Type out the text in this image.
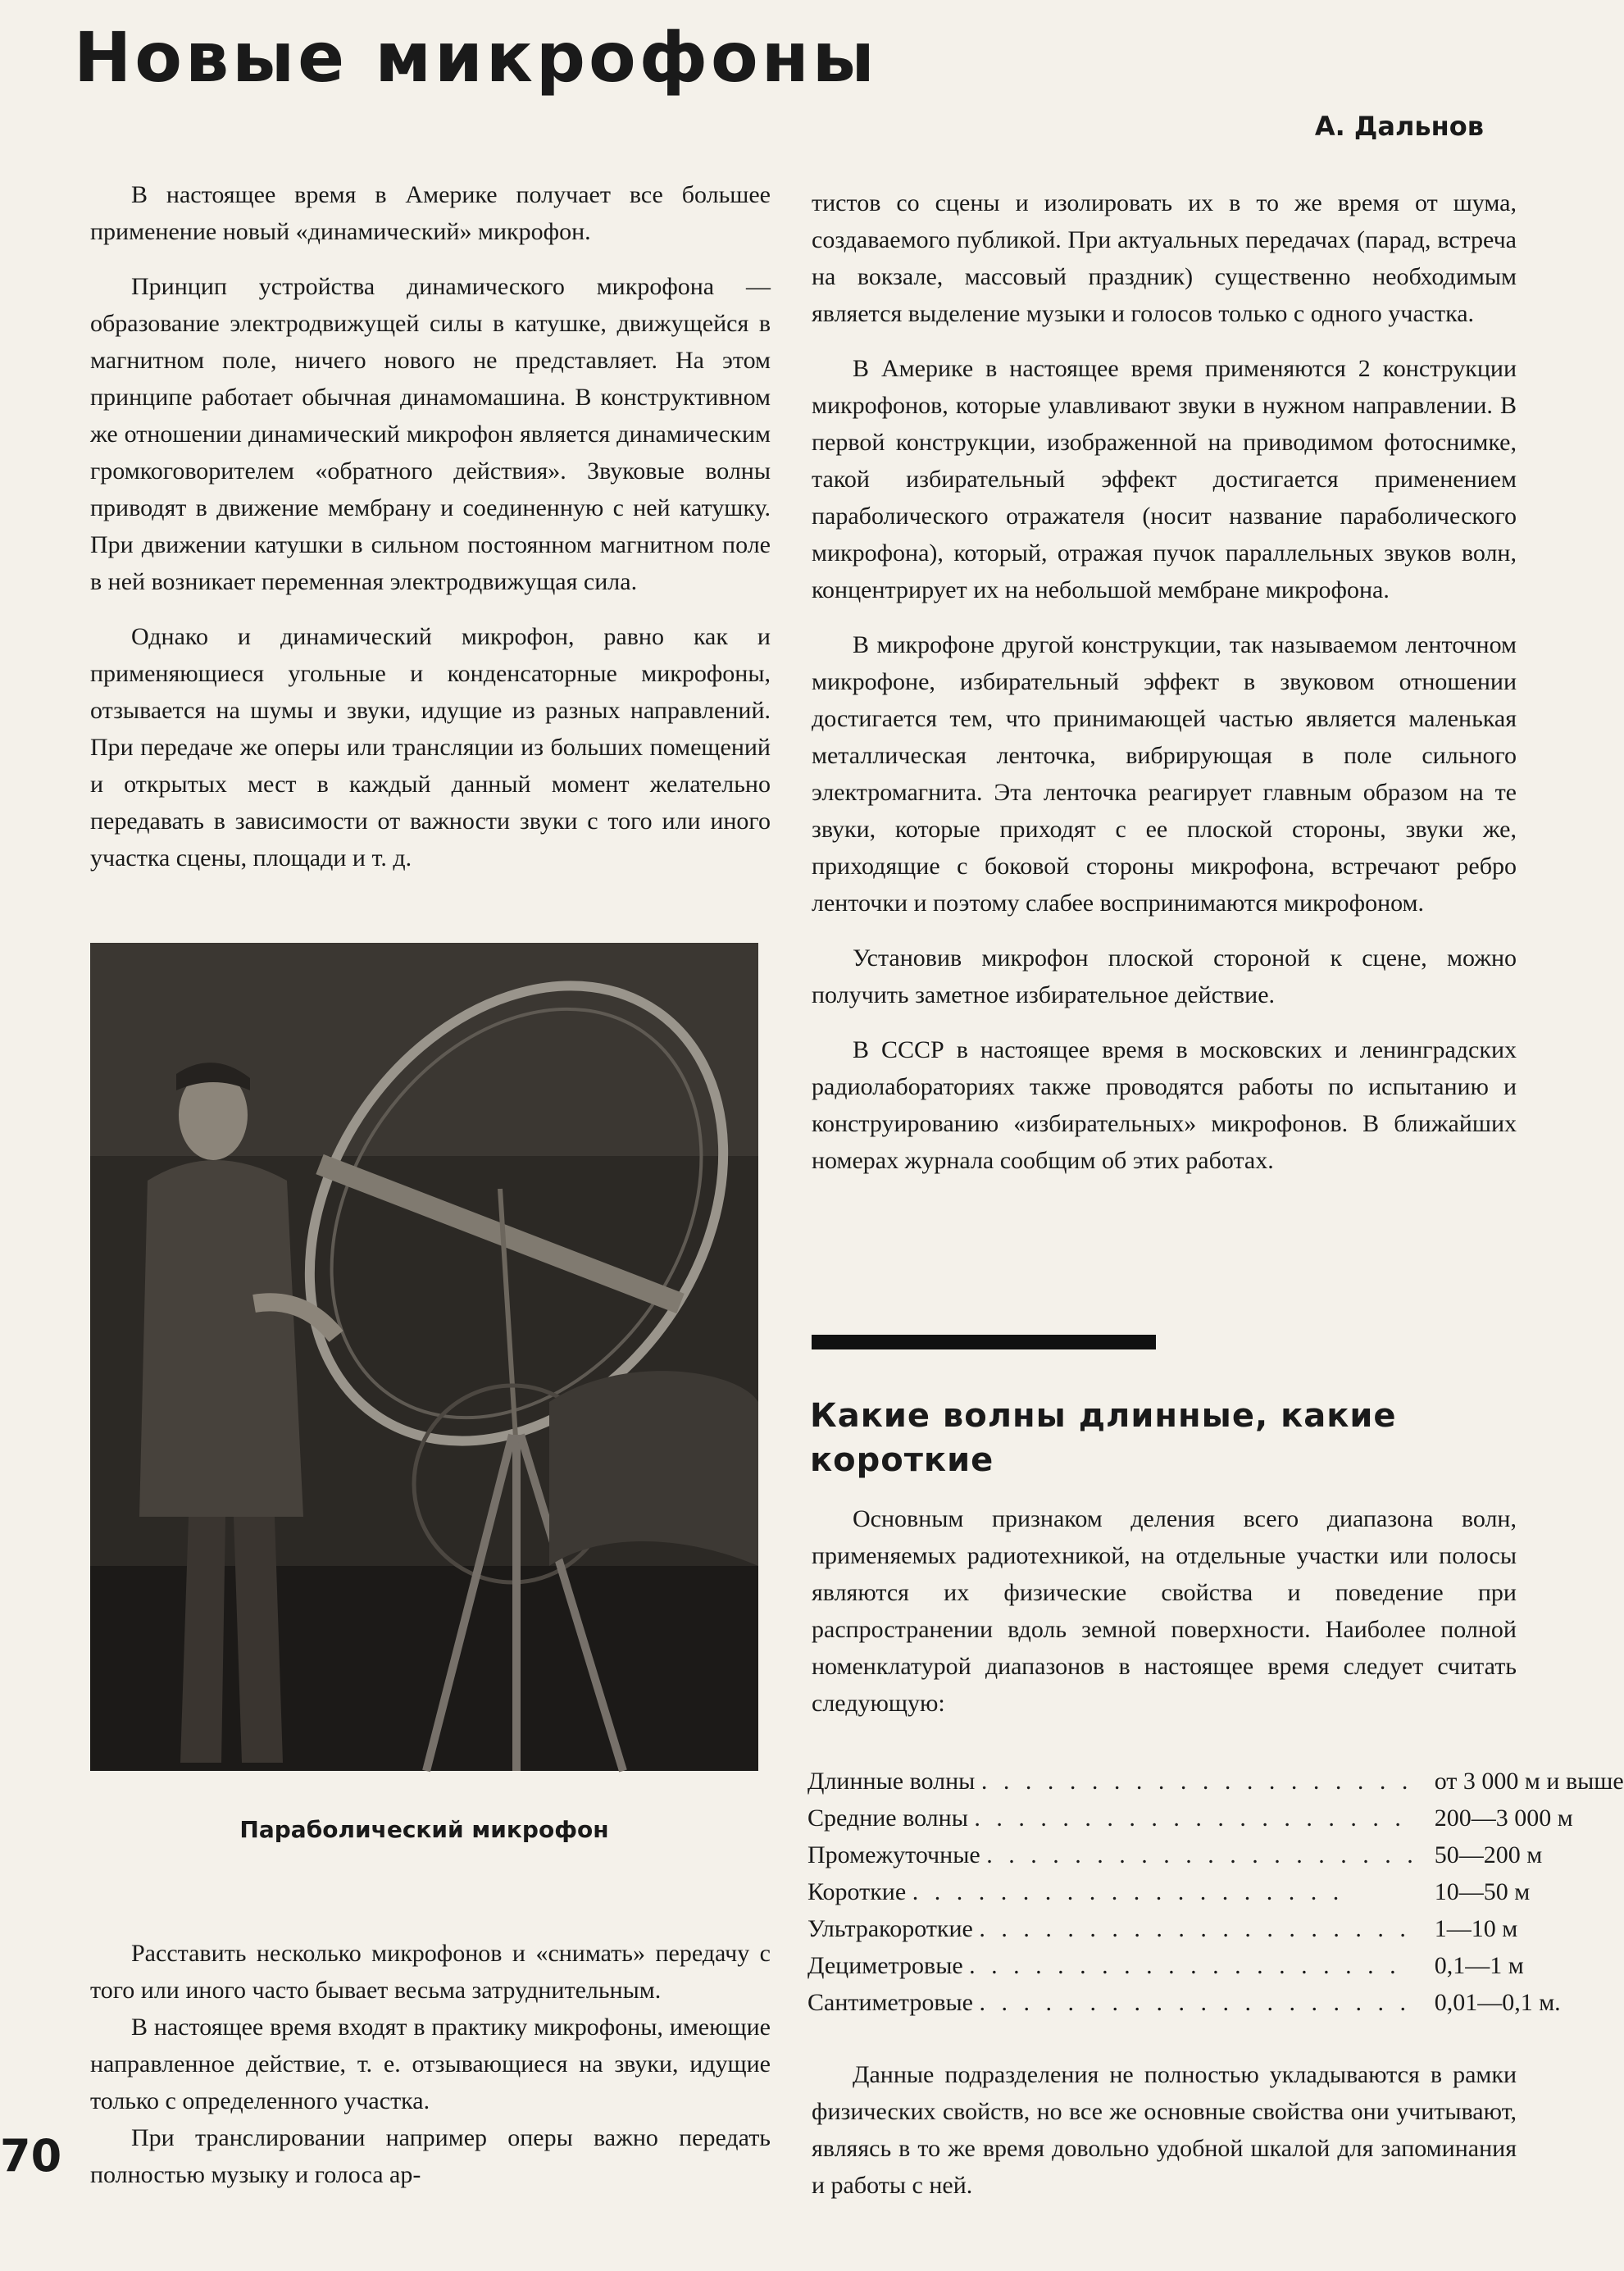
Новые микрофоны

А. Дальнов

В настоящее время в Америке получает все большее применение новый «динамический» микрофон.

Принцип устройства динамического микрофона — образование электродвижущей силы в катушке, движущейся в магнитном поле, ничего нового не представляет. На этом принципе работает обычная динамомашина. В конструктивном же отношении динамический микрофон является динамическим громкоговорителем «обратного действия». Звуковые волны приводят в движение мембрану и соединенную с ней катушку. При движении катушки в сильном постоянном магнитном поле в ней возникает переменная электродвижущая сила.

Однако и динамический микрофон, равно как и применяющиеся угольные и конденсаторные микрофоны, отзывается на шумы и звуки, идущие из разных направлений. При передаче же оперы или трансляции из больших помещений и открытых мест в каждый данный момент желательно передавать в зависимости от важности звуки с того или иного участка сцены, площади и т. д.

Параболический микрофон

Расставить несколько микрофонов и «снимать» передачу с того или иного часто бывает весьма затруднительным.

В настоящее время входят в практику микрофоны, имеющие направленное действие, т. е. отзывающиеся на звуки, идущие только с определенного участка.

При транслировании например оперы важно передать полностью музыку и голоса ар-

тистов со сцены и изолировать их в то же время от шума, создаваемого публикой. При актуальных передачах (парад, встреча на вокзале, массовый праздник) существенно необходимым является выделение музыки и голосов только с одного участка.

В Америке в настоящее время применяются 2 конструкции микрофонов, которые улавливают звуки в нужном направлении. В первой конструкции, изображенной на приводимом фотоснимке, такой избирательный эффект достигается применением параболического отражателя (носит название параболического микрофона), который, отражая пучок параллельных звуков волн, концентрирует их на небольшой мембране микрофона.

В микрофоне другой конструкции, так называемом ленточном микрофоне, избирательный эффект в звуковом отношении достигается тем, что принимающей частью является маленькая металлическая ленточка, вибрирующая в поле сильного электромагнита. Эта ленточка реагирует главным образом на те звуки, которые приходят с ее плоской стороны, звуки же, приходящие с боковой стороны микрофона, встречают ребро ленточки и поэтому слабее воспринимаются микрофоном.

Установив микрофон плоской стороной к сцене, можно получить заметное избирательное действие.

В СССР в настоящее время в московских и ленинградских радиолабораториях также проводятся работы по испытанию и конструированию «избирательных» микрофонов. В ближайших номерах журнала сообщим об этих работах.

Какие волны длинные, какие короткие

Основным признаком деления всего диапазона волн, применяемых радиотехникой, на отдельные участки или полосы являются их физические свойства и поведение при распространении вдоль земной поверхности. Наиболее полной номенклатурой диапазонов в настоящее время следует считать следующую:

Длинные волны . . . . . . . . . . . . . . . . . . . .	от 3 000 м и выше
Средние волны . . . . . . . . . . . . . . . . . . . .	200—3 000 м
Промежуточные . . . . . . . . . . . . . . . . . . . .	50—200 м
Короткие . . . . . . . . . . . . . . . . . . . .	10—50 м
Ультракороткие . . . . . . . . . . . . . . . . . . . .	1—10 м
Дециметровые . . . . . . . . . . . . . . . . . . . .	0,1—1 м
Сантиметровые . . . . . . . . . . . . . . . . . . . .	0,01—0,1 м.

Данные подразделения не полностью укладываются в рамки физических свойств, но все же основные свойства они учитывают, являясь в то же время довольно удобной шкалой для запоминания и работы с ней.

70
